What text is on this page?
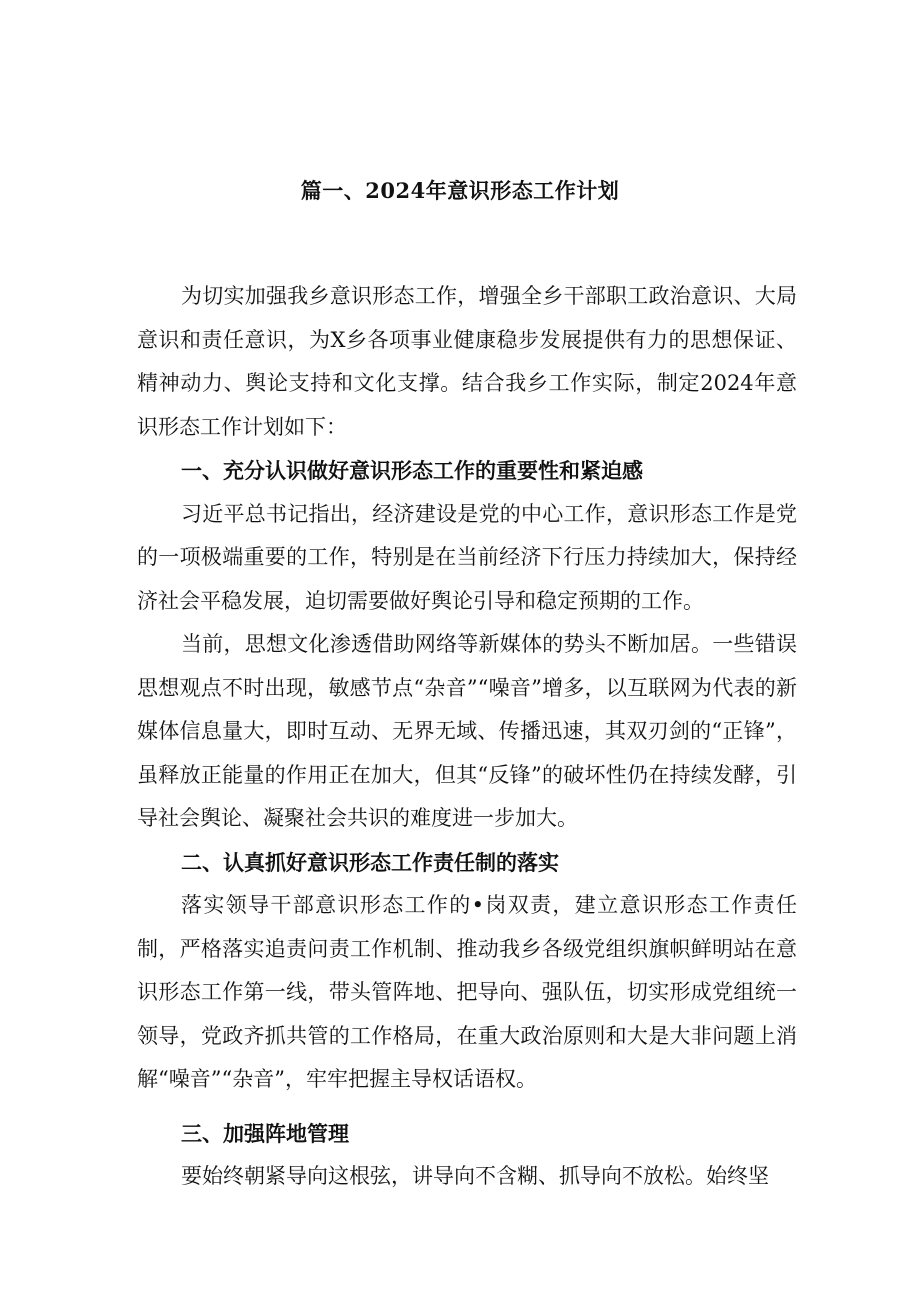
篇一、2024年意识形态工作计划

为切实加强我乡意识形态工作，增强全乡干部职工政治意识、大局意识和责任意识，为X乡各项事业健康稳步发展提供有力的思想保证、精神动力、舆论支持和文化支撑。结合我乡工作实际，制定2024年意识形态工作计划如下：

一、充分认识做好意识形态工作的重要性和紧迫感

习近平总书记指出，经济建设是党的中心工作，意识形态工作是党的一项极端重要的工作，特别是在当前经济下行压力持续加大，保持经济社会平稳发展，迫切需要做好舆论引导和稳定预期的工作。

当前，思想文化渗透借助网络等新媒体的势头不断加居。一些错误思想观点不时出现，敏感节点“杂音”“噪音”增多，以互联网为代表的新媒体信息量大，即时互动、无界无域、传播迅速，其双刃剑的“正锋”，虽释放正能量的作用正在加大，但其“反锋”的破坏性仍在持续发酵，引导社会舆论、凝聚社会共识的难度进一步加大。

二、认真抓好意识形态工作责任制的落实

落实领导干部意识形态工作的•岗双责，建立意识形态工作责任制，严格落实追责问责工作机制、推动我乡各级党组织旗帜鲜明站在意识形态工作第一线，带头管阵地、把导向、强队伍，切实形成党组统一领导，党政齐抓共管的工作格局，在重大政治原则和大是大非问题上消解“噪音”“杂音”，牢牢把握主导权话语权。

三、加强阵地管理

要始终朝紧导向这根弦，讲导向不含糊、抓导向不放松。始终坚
